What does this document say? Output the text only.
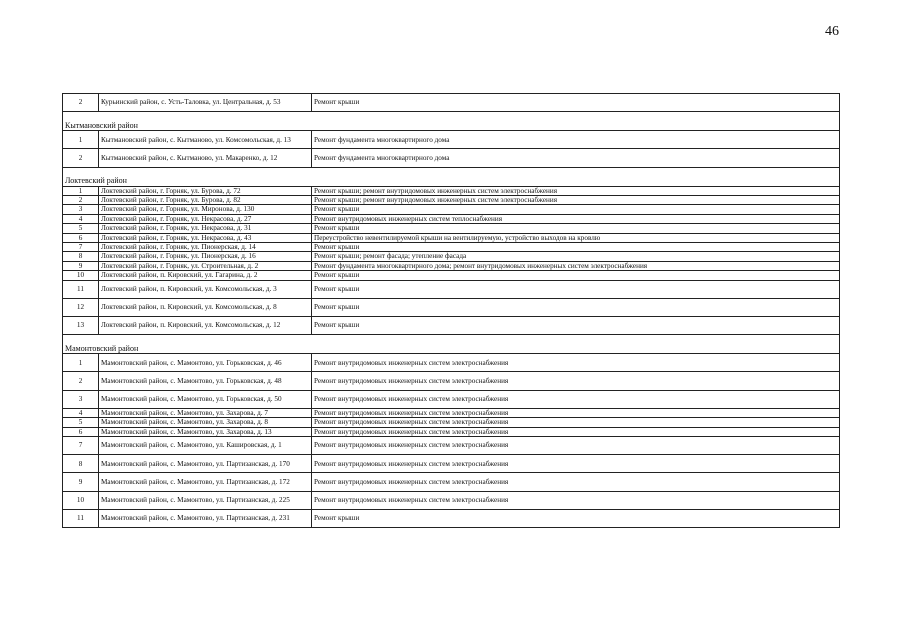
46
2	Курьинский район, с. Усть-Таловка, ул. Центральная, д. 53	Ремонт крыши
Кытмановский район		
1	Кытмановский район, с. Кытманово, ул. Комсомольская, д. 13	Ремонт фундамента многоквартирного дома
2	Кытмановский район, с. Кытманово, ул. Макаренко, д. 12	Ремонт фундамента многоквартирного дома
Локтевский район		
1	Локтевский район, г. Горняк, ул. Бурова, д. 72	Ремонт крыши; ремонт внутридомовых инженерных систем электроснабжения
2	Локтевский район, г. Горняк, ул. Бурова, д. 82	Ремонт крыши; ремонт внутридомовых инженерных систем электроснабжения
3	Локтевский район, г. Горняк, ул. Миронова, д. 130	Ремонт крыши
4	Локтевский район, г. Горняк, ул. Некрасова, д. 27	Ремонт внутридомовых инженерных систем теплоснабжения
5	Локтевский район, г. Горняк, ул. Некрасова, д. 31	Ремонт крыши
6	Локтевский район, г. Горняк, ул. Некрасова, д. 43	Переустройство невентилируемой крыши на вентилируемую, устройство выходов на кровлю
7	Локтевский район, г. Горняк, ул. Пионерская, д. 14	Ремонт крыши
8	Локтевский район, г. Горняк, ул. Пионерская, д. 16	Ремонт крыши; ремонт фасада; утепление фасада
9	Локтевский район, г. Горняк, ул. Строительная, д. 2	Ремонт фундамента многоквартирного дома; ремонт внутридомовых инженерных систем электроснабжения
10	Локтевский район, п. Кировский, ул. Гагарина, д. 2	Ремонт крыши
11	Локтевский район, п. Кировский, ул. Комсомольская, д. 3	Ремонт крыши
12	Локтевский район, п. Кировский, ул. Комсомольская, д. 8	Ремонт крыши
13	Локтевский район, п. Кировский, ул. Комсомольская, д. 12	Ремонт крыши
Мамонтовский район		
1	Мамонтовский район, с. Мамонтово, ул. Горьковская, д. 46	Ремонт внутридомовых инженерных систем электроснабжения
2	Мамонтовский район, с. Мамонтово, ул. Горьковская, д. 48	Ремонт внутридомовых инженерных систем электроснабжения
3	Мамонтовский район, с. Мамонтово, ул. Горьковская, д. 50	Ремонт внутридомовых инженерных систем электроснабжения
4	Мамонтовский район, с. Мамонтово, ул. Захарова, д. 7	Ремонт внутридомовых инженерных систем электроснабжения
5	Мамонтовский район, с. Мамонтово, ул. Захарова, д. 8	Ремонт внутридомовых инженерных систем электроснабжения
6	Мамонтовский район, с. Мамонтово, ул. Захарова, д. 13	Ремонт внутридомовых инженерных систем электроснабжения
7	Мамонтовский район, с. Мамонтово, ул. Кашировская, д. 1	Ремонт внутридомовых инженерных систем электроснабжения
8	Мамонтовский район, с. Мамонтово, ул. Партизанская, д. 170	Ремонт внутридомовых инженерных систем электроснабжения
9	Мамонтовский район, с. Мамонтово, ул. Партизанская, д. 172	Ремонт внутридомовых инженерных систем электроснабжения
10	Мамонтовский район, с. Мамонтово, ул. Партизанская, д. 225	Ремонт внутридомовых инженерных систем электроснабжения
11	Мамонтовский район, с. Мамонтово, ул. Партизанская, д. 231	Ремонт крыши
